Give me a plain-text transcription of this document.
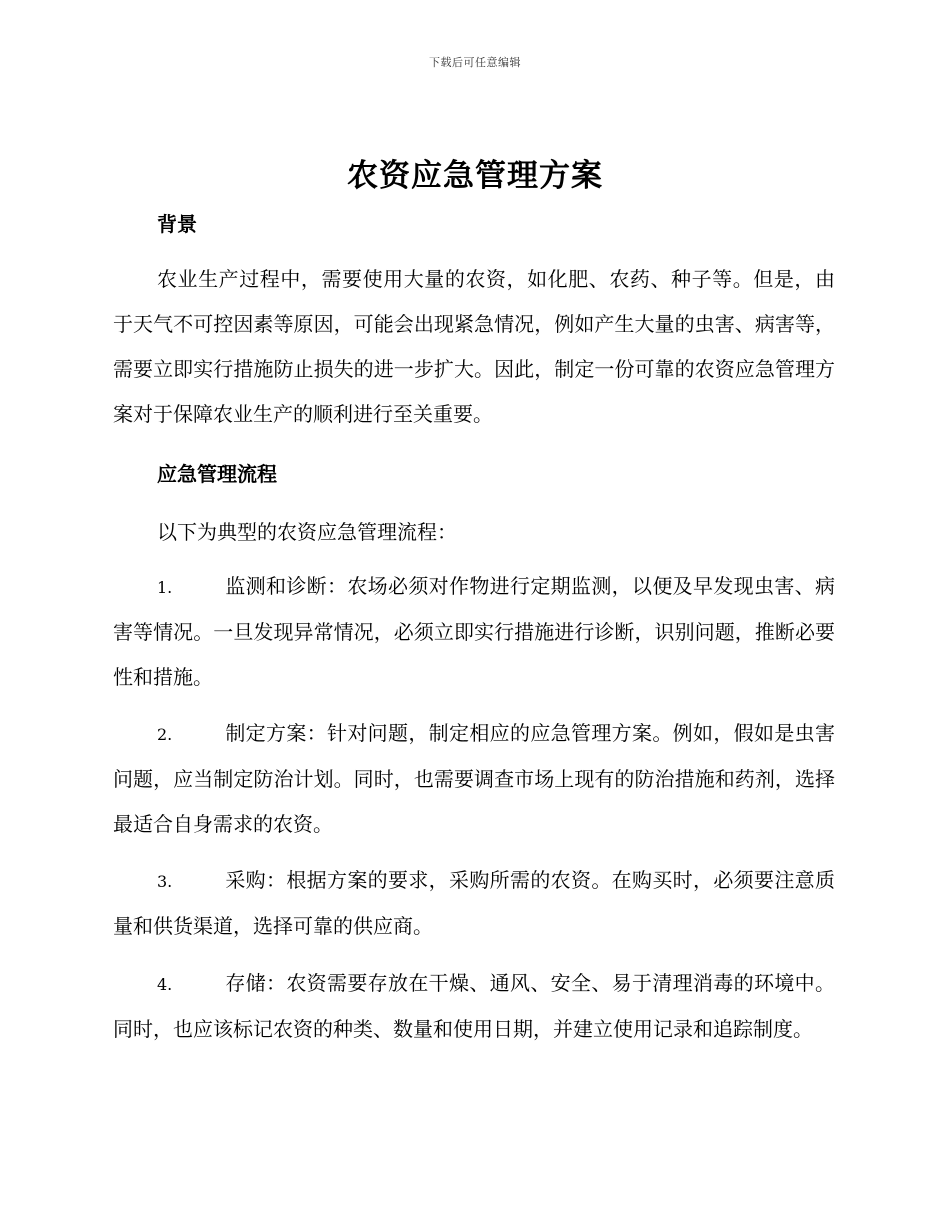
下载后可任意编辑
农资应急管理方案
背景
农业生产过程中，需要使用大量的农资，如化肥、农药、种子等。但是，由于天气不可控因素等原因，可能会出现紧急情况，例如产生大量的虫害、病害等，需要立即实行措施防止损失的进一步扩大。因此，制定一份可靠的农资应急管理方案对于保障农业生产的顺利进行至关重要。
应急管理流程
以下为典型的农资应急管理流程：
1.	监测和诊断：农场必须对作物进行定期监测，以便及早发现虫害、病害等情况。一旦发现异常情况，必须立即实行措施进行诊断，识别问题，推断必要性和措施。
2.	制定方案：针对问题，制定相应的应急管理方案。例如，假如是虫害问题，应当制定防治计划。同时，也需要调查市场上现有的防治措施和药剂，选择最适合自身需求的农资。
3.	采购：根据方案的要求，采购所需的农资。在购买时，必须要注意质量和供货渠道，选择可靠的供应商。
4.	存储：农资需要存放在干燥、通风、安全、易于清理消毒的环境中。同时，也应该标记农资的种类、数量和使用日期，并建立使用记录和追踪制度。
